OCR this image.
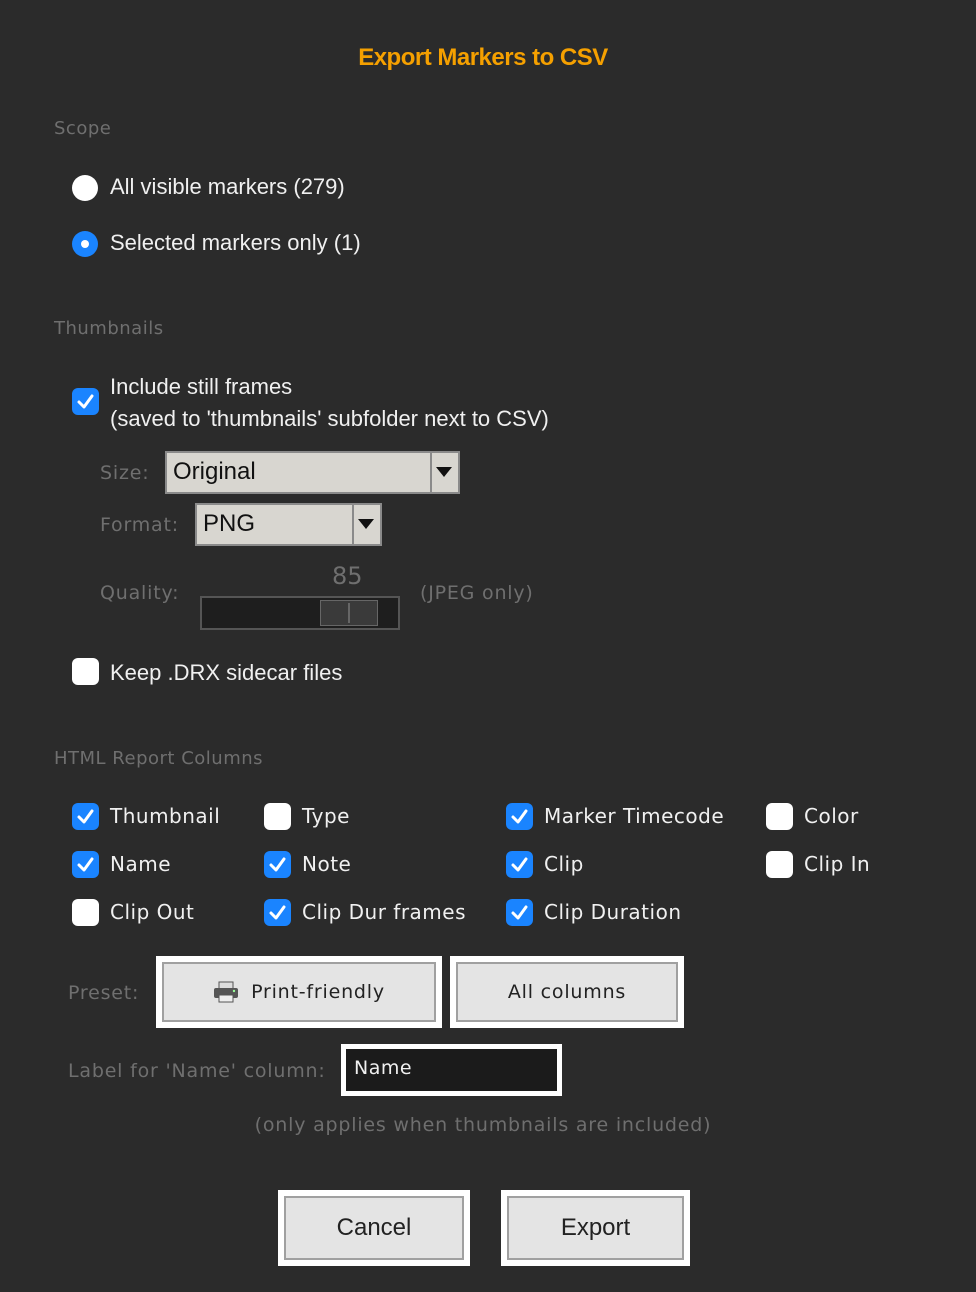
Export Markers to CSV
Scope
All visible markers (279)
Selected markers only (1)
Thumbnails
Include still frames
(saved to 'thumbnails' subfolder next to CSV)
Size: Original
Format: PNG
Quality:
85
(JPEG only)
Keep .DRX sidecar files
HTML Report Columns
Thumbnail	Type	Marker Timecode	Color
Name	Note	Clip	Clip In
Clip Out	Clip Dur frames	Clip Duration
Preset:	Print-friendly	All columns
Label for 'Name' column: Name
(only applies when thumbnails are included)
Cancel	Export
